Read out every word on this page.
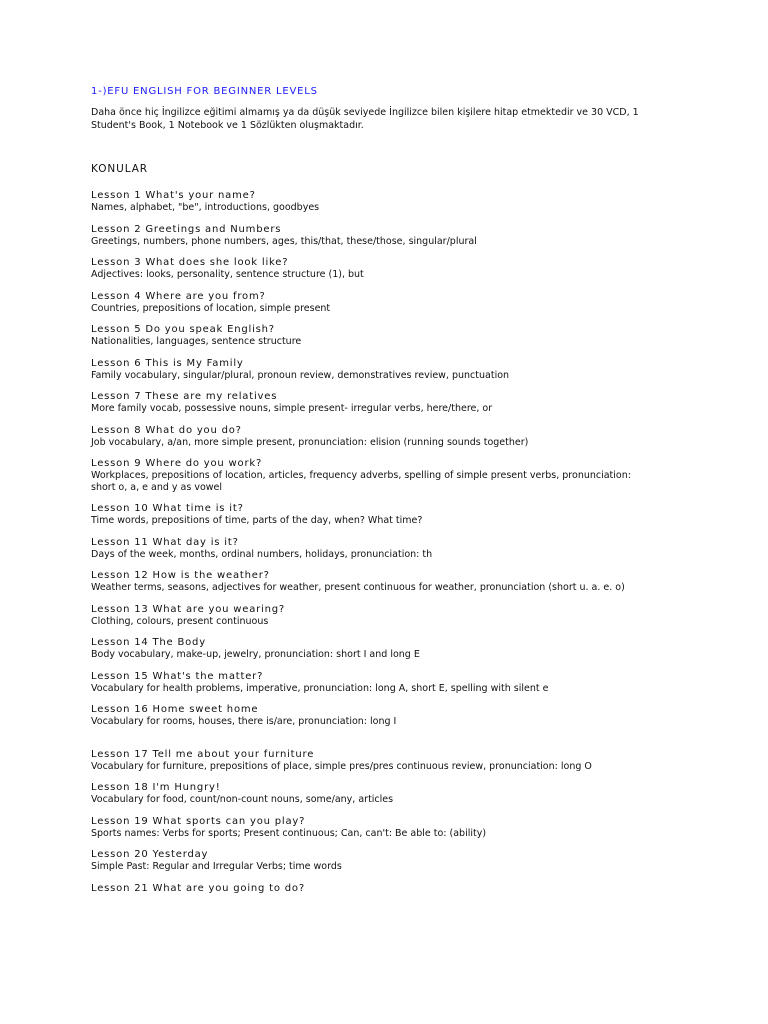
1-)EFU ENGLISH FOR BEGINNER LEVELS
Daha önce hiç İngilizce eğitimi almamış ya da düşük seviyede İngilizce bilen kişilere hitap etmektedir ve 30 VCD, 1 Student's Book, 1 Notebook ve 1 Sözlükten oluşmaktadır.
KONULAR
Lesson 1 What's your name?
Names, alphabet, "be", introductions, goodbyes
Lesson 2 Greetings and Numbers
Greetings, numbers, phone numbers, ages, this/that, these/those, singular/plural
Lesson 3 What does she look like?
Adjectives: looks, personality, sentence structure (1), but
Lesson 4 Where are you from?
Countries, prepositions of location, simple present
Lesson 5 Do you speak English?
Nationalities, languages, sentence structure
Lesson 6 This is My Family
Family vocabulary, singular/plural, pronoun review, demonstratives review, punctuation
Lesson 7 These are my relatives
More family vocab, possessive nouns, simple present- irregular verbs, here/there, or
Lesson 8 What do you do?
Job vocabulary, a/an, more simple present, pronunciation: elision (running sounds together)
Lesson 9 Where do you work?
Workplaces, prepositions of location, articles, frequency adverbs, spelling of simple present verbs, pronunciation: short o, a, e and y as vowel
Lesson 10 What time is it?
Time words, prepositions of time, parts of the day, when? What time?
Lesson 11 What day is it?
Days of the week, months, ordinal numbers, holidays, pronunciation: th
Lesson 12 How is the weather?
Weather terms, seasons, adjectives for weather, present continuous for weather, pronunciation (short u. a. e. o)
Lesson 13 What are you wearing?
Clothing, colours, present continuous
Lesson 14 The Body
Body vocabulary, make-up, jewelry, pronunciation: short I and long E
Lesson 15 What's the matter?
Vocabulary for health problems, imperative, pronunciation: long A, short E, spelling with silent e
Lesson 16 Home sweet home
Vocabulary for rooms, houses, there is/are, pronunciation: long I
Lesson 17 Tell me about your furniture
Vocabulary for furniture, prepositions of place, simple pres/pres continuous review, pronunciation: long O
Lesson 18 I'm Hungry!
Vocabulary for food, count/non-count nouns, some/any, articles
Lesson 19 What sports can you play?
Sports names: Verbs for sports; Present continuous; Can, can't: Be able to: (ability)
Lesson 20 Yesterday
Simple Past: Regular and Irregular Verbs; time words
Lesson 21 What are you going to do?
